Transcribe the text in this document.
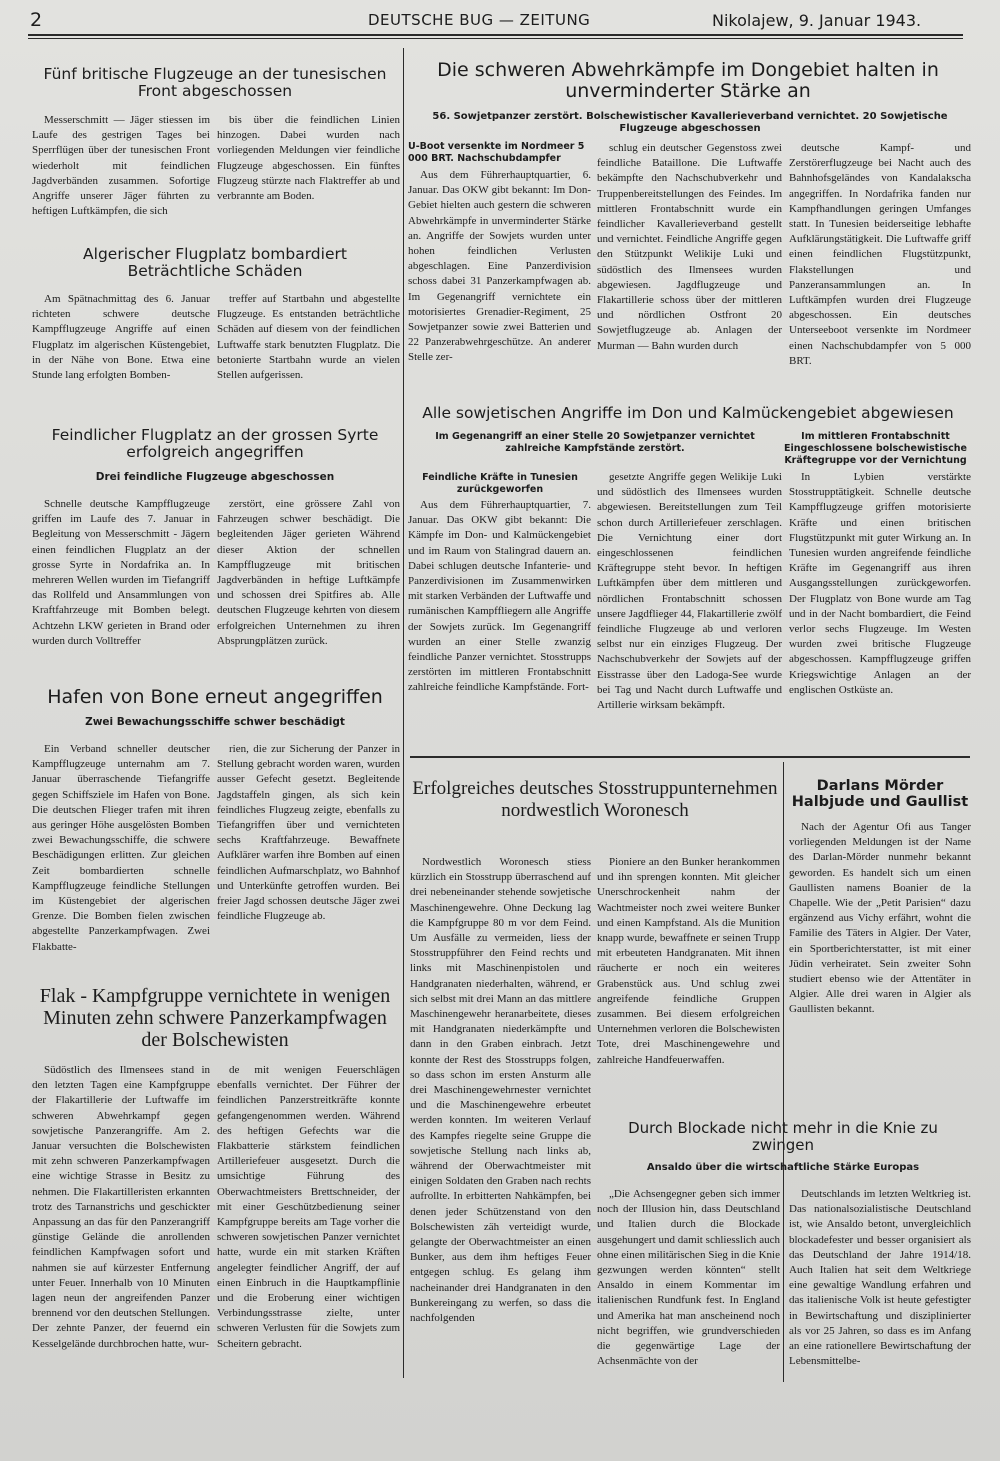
2	DEUTSCHE BUG — ZEITUNG	Nikolajew, 9. Januar 1943.
Fünf britische Flugzeuge an der tunesischen Front abgeschossen
Messerschmitt — Jäger stiessen im Laufe des gestrigen Tages bei Sperrflügen über der tunesischen Front wiederholt mit feindlichen Jagdverbänden zusammen. Sofortige Angriffe unserer Jäger führten zu heftigen Luftkämpfen, die sich
bis über die feindlichen Linien hinzogen. Dabei wurden nach vorliegenden Meldungen vier feindliche Flugzeuge abgeschossen. Ein fünftes Flugzeug stürzte nach Flaktreffer ab und verbrannte am Boden.
Algerischer Flugplatz bombardiert Beträchtliche Schäden
Am Spätnachmittag des 6. Januar richteten schwere deutsche Kampfflugzeuge Angriffe auf einen Flugplatz im algerischen Küstengebiet, in der Nähe von Bone. Etwa eine Stunde lang erfolgten Bomben-
treffer auf Startbahn und abgestellte Flugzeuge. Es entstanden beträchtliche Schäden auf diesem von der feindlichen Luftwaffe stark benutzten Flugplatz. Die betonierte Startbahn wurde an vielen Stellen aufgerissen.
Feindlicher Flugplatz an der grossen Syrte erfolgreich angegriffen
Drei feindliche Flugzeuge abgeschossen
Schnelle deutsche Kampfflugzeuge griffen im Laufe des 7. Januar in Begleitung von Messerschmitt - Jägern einen feindlichen Flugplatz an der grosse Syrte in Nordafrika an. In mehreren Wellen wurden im Tiefangriff das Rollfeld und Ansammlungen von Kraftfahrzeuge mit Bomben belegt. Achtzehn LKW gerieten in Brand oder wurden durch Volltreffer
zerstört, eine grössere Zahl von Fahrzeugen schwer beschädigt. Die begleitenden Jäger gerieten Während dieser Aktion der schnellen Kampfflugzeuge mit britischen Jagdverbänden in heftige Luftkämpfe und schossen drei Spitfires ab. Alle deutschen Flugzeuge kehrten von diesem erfolgreichen Unternehmen zu ihren Absprungplätzen zurück.
Hafen von Bone erneut angegriffen
Zwei Bewachungsschiffe schwer beschädigt
Ein Verband schneller deutscher Kampfflugzeuge unternahm am 7. Januar überraschende Tiefangriffe gegen Schiffsziele im Hafen von Bone. Die deutschen Flieger trafen mit ihren aus geringer Höhe ausgelösten Bomben zwei Bewachungsschiffe, die schwere Beschädigungen erlitten. Zur gleichen Zeit bombardierten schnelle Kampfflugzeuge feindliche Stellungen im Küstengebiet der algerischen Grenze. Die Bomben fielen zwischen abgestellte Panzerkampfwagen. Zwei Flakbatte-
rien, die zur Sicherung der Panzer in Stellung gebracht worden waren, wurden ausser Gefecht gesetzt. Begleitende Jagdstaffeln gingen, als sich kein feindliches Flugzeug zeigte, ebenfalls zu Tiefangriffen über und vernichteten sechs Kraftfahrzeuge. Bewaffnete Aufklärer warfen ihre Bomben auf einen feindlichen Aufmarschplatz, wo Bahnhof und Unterkünfte getroffen wurden. Bei freier Jagd schossen deutsche Jäger zwei feindliche Flugzeuge ab.
Flak - Kampfgruppe vernichtete in wenigen Minuten zehn schwere Panzerkampfwagen der Bolschewisten
Südöstlich des Ilmensees stand in den letzten Tagen eine Kampfgruppe der Flakartillerie der Luftwaffe im schweren Abwehrkampf gegen sowjetische Panzerangriffe. Am 2. Januar versuchten die Bolschewisten mit zehn schweren Panzerkampfwagen eine wichtige Strasse in Besitz zu nehmen. Die Flakartilleristen erkannten trotz des Tarnanstrichs und geschickter Anpassung an das für den Panzerangriff günstige Gelände die anrollenden feindlichen Kampfwagen sofort und nahmen sie auf kürzester Entfernung unter Feuer. Innerhalb von 10 Minuten lagen neun der angreifenden Panzer brennend vor den deutschen Stellungen. Der zehnte Panzer, der feuernd ein Kesselgelände durchbrochen hatte, wur-
de mit wenigen Feuerschlägen ebenfalls vernichtet. Der Führer der feindlichen Panzerstreitkräfte konnte gefangengenommen werden. Während des heftigen Gefechts war die Flakbatterie stärkstem feindlichen Artilleriefeuer ausgesetzt. Durch die umsichtige Führung des Oberwachtmeisters Brettschneider, der mit einer Geschützbedienung seiner Kampfgruppe bereits am Tage vorher die schweren sowjetischen Panzer vernichtet hatte, wurde ein mit starken Kräften angelegter feindlicher Angriff, der auf einen Einbruch in die Hauptkampflinie und die Eroberung einer wichtigen Verbindungsstrasse zielte, unter schweren Verlusten für die Sowjets zum Scheitern gebracht.
Die schweren Abwehrkämpfe im Dongebiet halten in unverminderter Stärke an
56. Sowjetpanzer zerstört. Bolschewistischer Kavallerieverband vernichtet. 20 Sowjetische Flugzeuge abgeschossen
U-Boot versenkte im Nordmeer 5 000 BRT. Nachschubdampfer
Aus dem Führerhauptquartier, 6. Januar. Das OKW gibt bekannt: Im Don-Gebiet hielten auch gestern die schweren Abwehrkämpfe in unverminderter Stärke an. Angriffe der Sowjets wurden unter hohen feindlichen Verlusten abgeschlagen. Eine Panzerdivision schoss dabei 31 Panzerkampfwagen ab. Im Gegenangriff vernichtete ein motorisiertes Grenadier-Regiment, 25 Sowjetpanzer sowie zwei Batterien und 22 Panzerabwehrgeschütze. An anderer Stelle zer-
schlug ein deutscher Gegenstoss zwei feindliche Bataillone. Die Luftwaffe bekämpfte den Nachschubverkehr und Truppenbereitstellungen des Feindes. Im mittleren Frontabschnitt wurde ein feindlicher Kavallerieverband gestellt und vernichtet. Feindliche Angriffe gegen den Stützpunkt Welikije Luki und südöstlich des Ilmensees wurden abgewiesen. Jagdflugzeuge und Flakartillerie schoss über der mittleren und nördlichen Ostfront 20 Sowjetflugzeuge ab. Anlagen der Murman — Bahn wurden durch
deutsche Kampf- und Zerstörerflugzeuge bei Nacht auch des Bahnhofsgeländes von Kandalakscha angegriffen. In Nordafrika fanden nur Kampfhandlungen geringen Umfanges statt. In Tunesien beiderseitige lebhafte Aufklärungstätigkeit. Die Luftwaffe griff einen feindlichen Flugstützpunkt, Flakstellungen und Panzeransammlungen an. In Luftkämpfen wurden drei Flugzeuge abgeschossen. Ein deutsches Unterseeboot versenkte im Nordmeer einen Nachschubdampfer von 5 000 BRT.
Alle sowjetischen Angriffe im Don und Kalmückengebiet abgewiesen
Im Gegenangriff an einer Stelle 20 Sowjetpanzer vernichtet zahlreiche Kampfstände zerstört.
Im mittleren Frontabschnitt Eingeschlossene bolschewistische Kräftegruppe vor der Vernichtung
Feindliche Kräfte in Tunesien zurückgeworfen
Aus dem Führerhauptquartier, 7. Januar. Das OKW gibt bekannt: Die Kämpfe im Don- und Kalmückengebiet und im Raum von Stalingrad dauern an. Dabei schlugen deutsche Infanterie- und Panzerdivisionen im Zusammenwirken mit starken Verbänden der Luftwaffe und rumänischen Kampffliegern alle Angriffe der Sowjets zurück. Im Gegenangriff wurden an einer Stelle zwanzig feindliche Panzer vernichtet. Stosstrupps zerstörten im mittleren Frontabschnitt zahlreiche feindliche Kampfstände. Fort-
gesetzte Angriffe gegen Welikije Luki und südöstlich des Ilmensees wurden abgewiesen. Bereitstellungen zum Teil schon durch Artilleriefeuer zerschlagen. Die Vernichtung einer dort eingeschlossenen feindlichen Kräftegruppe steht bevor. In heftigen Luftkämpfen über dem mittleren und nördlichen Frontabschnitt schossen unsere Jagdflieger 44, Flakartillerie zwölf feindliche Flugzeuge ab und verloren selbst nur ein einziges Flugzeug. Der Nachschubverkehr der Sowjets auf der Eisstrasse über den Ladoga-See wurde bei Tag und Nacht durch Luftwaffe und Artillerie wirksam bekämpft.
In Lybien verstärkte Stosstrupptätigkeit. Schnelle deutsche Kampfflugzeuge griffen motorisierte Kräfte und einen britischen Flugstützpunkt mit guter Wirkung an. In Tunesien wurden angreifende feindliche Kräfte im Gegenangriff aus ihren Ausgangsstellungen zurückgeworfen. Der Flugplatz von Bone wurde am Tag und in der Nacht bombardiert, die Feind verlor sechs Flugzeuge. Im Westen wurden zwei britische Flugzeuge abgeschossen. Kampfflugzeuge griffen Kriegswichtige Anlagen an der englischen Ostküste an.
Erfolgreiches deutsches Stosstruppunternehmen nordwestlich Woronesch
Nordwestlich Woronesch stiess kürzlich ein Stosstrupp überraschend auf drei nebeneinander stehende sowjetische Maschinengewehre. Ohne Deckung lag die Kampfgruppe 80 m vor dem Feind. Um Ausfälle zu vermeiden, liess der Stosstruppführer den Feind rechts und links mit Maschinenpistolen und Handgranaten niederhalten, während, er sich selbst mit drei Mann an das mittlere Maschinengewehr heranarbeitete, dieses mit Handgranaten niederkämpfte und dann in den Graben einbrach. Jetzt konnte der Rest des Stosstrupps folgen, so dass schon im ersten Ansturm alle drei Maschinengewehrnester vernichtet und die Maschinengewehre erbeutet werden konnten. Im weiteren Verlauf des Kampfes riegelte seine Gruppe die sowjetische Stellung nach links ab, während der Oberwachtmeister mit einigen Soldaten den Graben nach rechts aufrollte. In erbitterten Nahkämpfen, bei denen jeder Schützenstand von den Bolschewisten zäh verteidigt wurde, gelangte der Oberwachtmeister an einen Bunker, aus dem ihm heftiges Feuer entgegen schlug. Es gelang ihm nacheinander drei Handgranaten in den Bunkereingang zu werfen, so dass die nachfolgenden
Pioniere an den Bunker herankommen und ihn sprengen konnten. Mit gleicher Unerschrockenheit nahm der Wachtmeister noch zwei weitere Bunker und einen Kampfstand. Als die Munition knapp wurde, bewaffnete er seinen Trupp mit erbeuteten Handgranaten. Mit ihnen räucherte er noch ein weiteres Grabenstück aus. Und schlug zwei angreifende feindliche Gruppen zusammen. Bei diesem erfolgreichen Unternehmen verloren die Bolschewisten Tote, drei Maschinengewehre und zahlreiche Handfeuerwaffen.
Durch Blockade nicht mehr in die Knie zu zwingen
Ansaldo über die wirtschaftliche Stärke Europas
„Die Achsengegner geben sich immer noch der Illusion hin, dass Deutschland und Italien durch die Blockade ausgehungert und damit schliesslich auch ohne einen militärischen Sieg in die Knie gezwungen werden könnten“ stellt Ansaldo in einem Kommentar im italienischen Rundfunk fest. In England und Amerika hat man anscheinend noch nicht begriffen, wie grundverschieden die gegenwärtige Lage der Achsenmächte von der
Deutschlands im letzten Weltkrieg ist. Das nationalsozialistische Deutschland ist, wie Ansaldo betont, unvergleichlich blockadefester und besser organisiert als das Deutschland der Jahre 1914/18. Auch Italien hat seit dem Weltkriege eine gewaltige Wandlung erfahren und das italienische Volk ist heute gefestigter in Bewirtschaftung und disziplinierter als vor 25 Jahren, so dass es im Anfang an eine rationellere Bewirtschaftung der Lebensmittelbe-
Darlans Mörder Halbjude und Gaullist
Nach der Agentur Ofi aus Tanger vorliegenden Meldungen ist der Name des Darlan-Mörder nunmehr bekannt geworden. Es handelt sich um einen Gaullisten namens Boanier de la Chapelle. Wie der „Petit Parisien“ dazu ergänzend aus Vichy erfährt, wohnt die Familie des Täters in Algier. Der Vater, ein Sportberichterstatter, ist mit einer Jüdin verheiratet. Sein zweiter Sohn studiert ebenso wie der Attentäter in Algier. Alle drei waren in Algier als Gaullisten bekannt.
